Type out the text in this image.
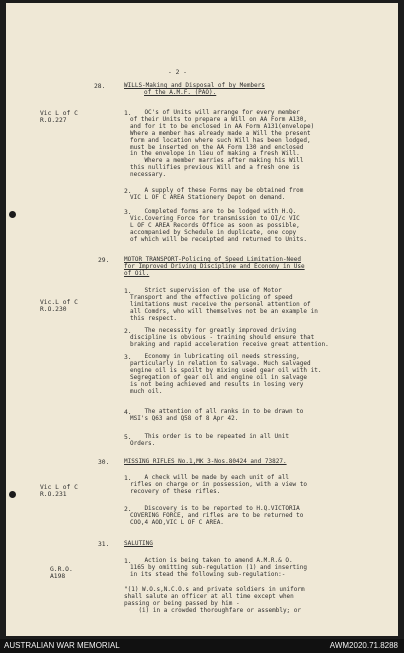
- 2 -
28.	WILLS-Making and Disposal of by Members
of the A.M.F. (PAO).
Vic L of C
R.O.227
1.	OC's of Units will arrange for every member
of their Units to prepare a Will on AA Form A130,
and for it to be enclosed in AA Form A131(envelope)
Where a member has already made a Will the present
form and location where such Will has been lodged,
must be inserted on the AA Form 130 and enclosed
in the envelope in lieu of making a fresh Will.
Where a member marries after making his Will
this nullifies previous Will and a fresh one is
necessary.
2.	A supply of these Forms may be obtained from
VIC L OF C AREA Stationery Depot on demand.
3.	Completed forms are to be lodged with H.Q.
Vic.Covering Force for transmission to OI/c VIC
L OF C AREA Records Office as soon as possible,
accompanied by Schedule in duplicate, one copy
of which will be receipted and returned to Units.
29. MOTOR TRANSPORT-Policing of Speed Limitation-Need
for Improved Driving Discipline and Economy in Use
of Oil.
Vic.L of C
R.O.230
1.	Strict supervision of the use of Motor
Transport and the effective policing of speed
limitations must receive the personal attention of
all Comdrs, who will themselves not be an example in
this respect.
2.	The necessity for greatly improved driving
discipline is obvious - training should ensure that
braking and rapid acceleration receive great attention.
3.	Economy in lubricating oil needs stressing,
particularly in relation to salvage. Much salvaged
engine oil is spoilt by mixing used gear oil with it.
Segregation of gear oil and engine oil in salvage
is not being achieved and results in losing very
much oil.
4.	The attention of all ranks in to be drawn to
MSI's Q63 and Q58 of 8 Apr 42.
5.	This order is to be repeated in all Unit
Orders.
30. MISSING RIFLES No.1,MK 3-Nos.80424 and 73827.
Vic L of C
R.O.231
1.	A check will be made by each unit of all
rifles on charge or in possession, with a view to
recovery of these rifles.
2.	Discovery is to be reported to H.Q.VICTORIA
COVERING FORCE, and rifles are to be returned to
COO,4 AOD,VIC L OF C AREA.
31. SALUTING
G.R.O.
A198
1.	Action is being taken to amend A.M.R.& O.
1165 by omitting sub-regulation (1) and inserting
in its stead the following sub-regulation:-
"(1) W.O.s,N.C.O.s and private soldiers in uniform
shall salute an officer at all time except when
passing or being passed by him -
(i) in a crowded thoroughfare or assembly; or
AUSTRALIAN WAR MEMORIAL	AWM2020.71.8288
